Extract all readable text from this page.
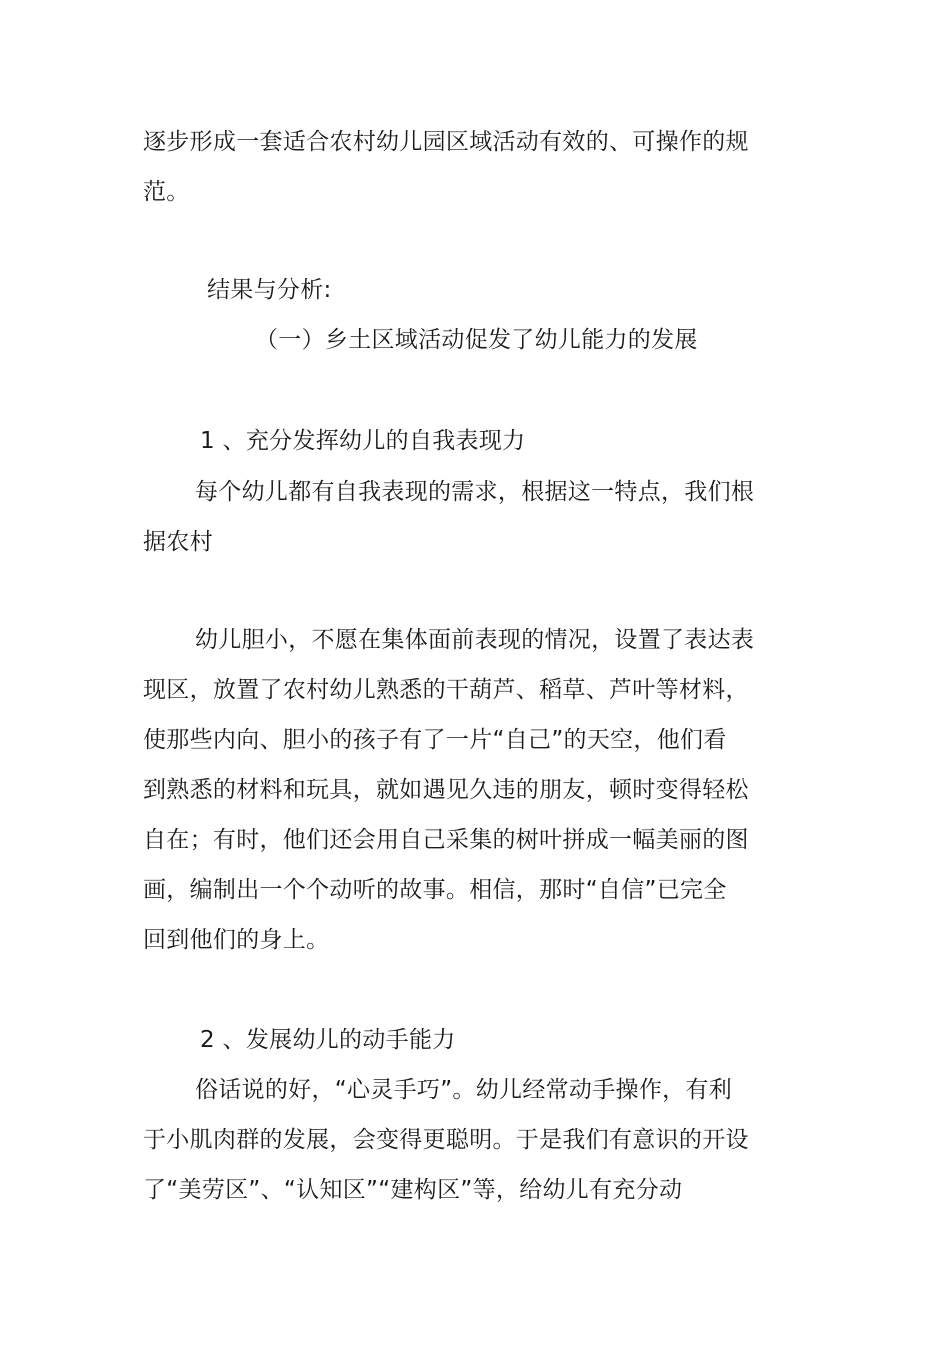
逐步形成一套适合农村幼儿园区域活动有效的、可操作的规
范。
结果与分析:
（一）乡土区域活动促发了幼儿能力的发展
1 、充分发挥幼儿的自我表现力
每个幼儿都有自我表现的需求，根据这一特点，我们根
据农村
幼儿胆小，不愿在集体面前表现的情况，设置了表达表
现区，放置了农村幼儿熟悉的干葫芦、稻草、芦叶等材料，
使那些内向、胆小的孩子有了一片“自己”的天空，他们看
到熟悉的材料和玩具，就如遇见久违的朋友，顿时变得轻松
自在；有时，他们还会用自己采集的树叶拼成一幅美丽的图
画，编制出一个个动听的故事。相信，那时“自信”已完全
回到他们的身上。
2 、发展幼儿的动手能力
俗话说的好，“心灵手巧”。幼儿经常动手操作，有利
于小肌肉群的发展，会变得更聪明。于是我们有意识的开设
了“美劳区”、“认知区”“建构区”等，给幼儿有充分动
